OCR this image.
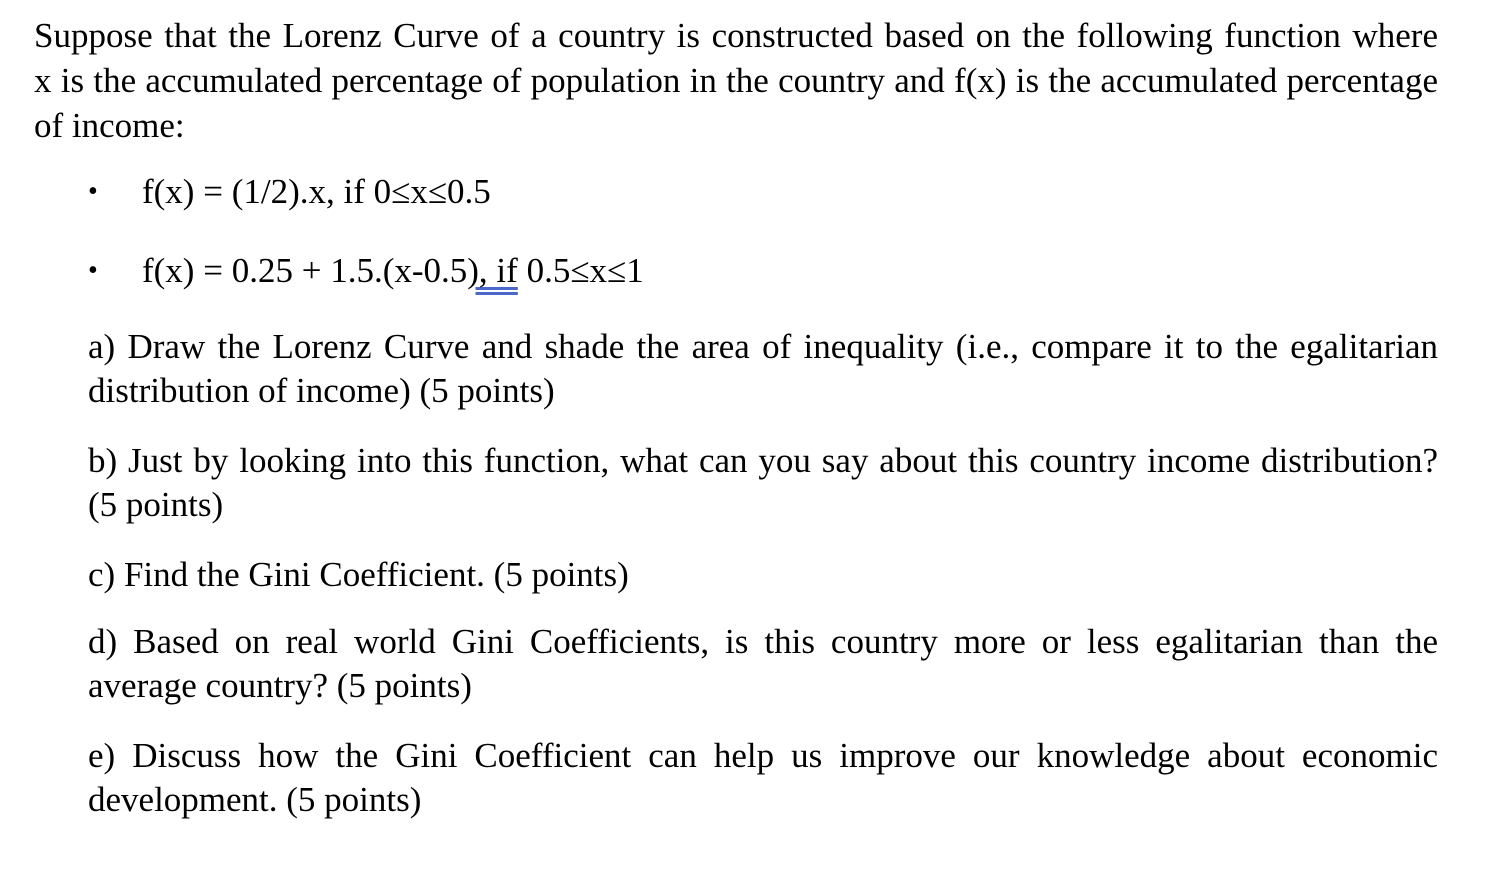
Suppose that the Lorenz Curve of a country is constructed based on the following function where
x is the accumulated percentage of population in the country and f(x) is the accumulated percentage
of income:
• f(x) = (1/2).x, if 0≤x≤0.5
• f(x) = 0.25 + 1.5.(x-0.5), if 0.5≤x≤1
a) Draw the Lorenz Curve and shade the area of inequality (i.e., compare it to the egalitarian
distribution of income) (5 points)
b) Just by looking into this function, what can you say about this country income distribution?
(5 points)
c) Find the Gini Coefficient. (5 points)
d) Based on real world Gini Coefficients, is this country more or less egalitarian than the
average country? (5 points)
e) Discuss how the Gini Coefficient can help us improve our knowledge about economic
development. (5 points)
